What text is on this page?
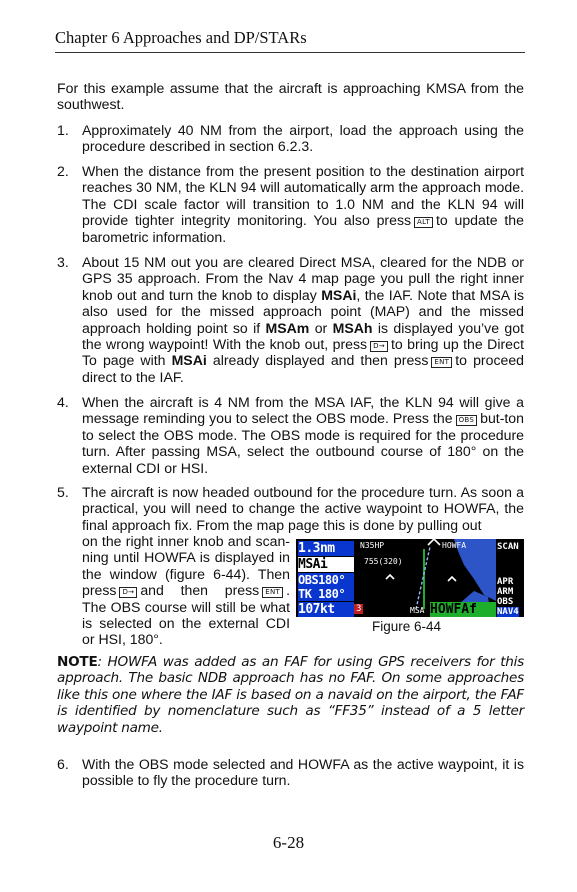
Chapter 6 Approaches and DP/STARs
For this example assume that the aircraft is approaching KMSA from the southwest.
1. Approximately 40 NM from the airport, load the approach using the procedure described in section 6.2.3.
2. When the distance from the present position to the destination airport reaches 30 NM, the KLN 94 will automatically arm the approach mode. The CDI scale factor will transition to 1.0 NM and the KLN 94 will provide tighter integrity monitoring. You also press ALT to update the barometric information.
3. About 15 NM out you are cleared Direct MSA, cleared for the NDB or GPS 35 approach. From the Nav 4 map page you pull the right inner knob out and turn the knob to display MSAi, the IAF. Note that MSA is also used for the missed approach point (MAP) and the missed approach holding point so if MSAm or MSAh is displayed you’ve got the wrong waypoint! With the knob out, press D→ to bring up the Direct To page with MSAi already displayed and then press ENT to proceed direct to the IAF.
4. When the aircraft is 4 NM from the MSA IAF, the KLN 94 will give a message reminding you to select the OBS mode. Press the OBS but-ton to select the OBS mode. The OBS mode is required for the procedure turn. After passing MSA, select the outbound course of 180° on the external CDI or HSI.
5. The aircraft is now headed outbound for the procedure turn. As soon a practical, you will need to change the active waypoint to HOWFA, the final approach fix. From the map page this is done by pulling out
on the right inner knob and scan-ning until HOWFA is displayed in the window (figure 6-44). Then press D→ and then press ENT . The OBS course will still be what is selected on the external CDI or HSI, 180°.
1.3nm
MSAi
OBS180°
TK 180°
107kt
N35HP	HOWFA
755(320)
MSA
3	HOWFAf
SCAN
APR
ARM
OBS
NAV4
Figure 6-44
NOTE: HOWFA was added as an FAF for using GPS receivers for this approach. The basic NDB approach has no FAF. On some approaches like this one where the IAF is based on a navaid on the airport, the FAF is identified by nomenclature such as “FF35” instead of a 5 letter waypoint name.
6. With the OBS mode selected and HOWFA as the active waypoint, it is possible to fly the procedure turn.
6-28
